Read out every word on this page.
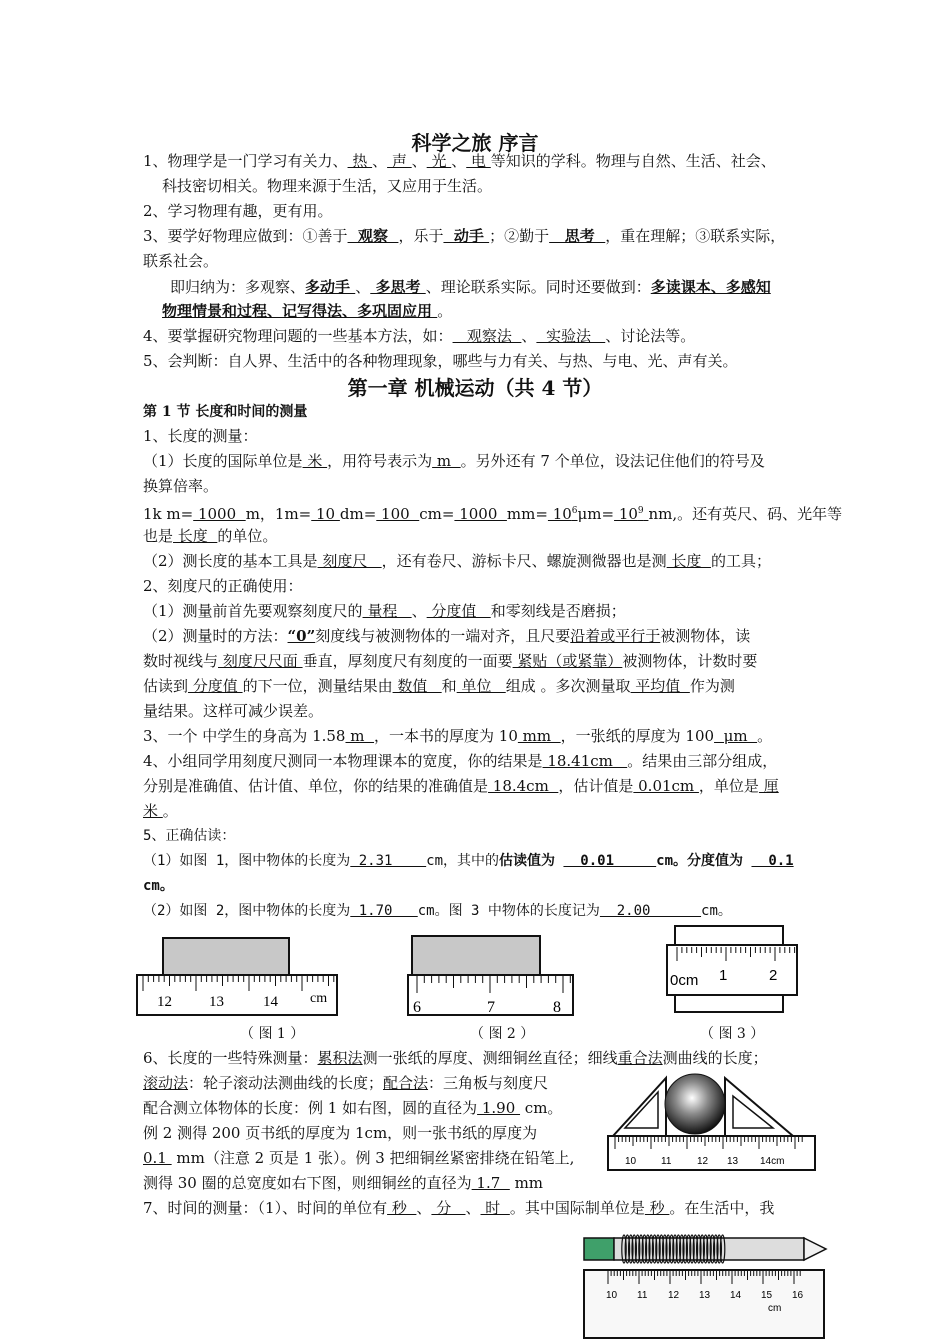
科学之旅 序言
1、物理学是一门学习有关力、 热 、 声 、 光 、 电 等知识的学科。物理与自然、生活、社会、
科技密切相关。物理来源于生活，又应用于生活。
2、学习物理有趣，更有用。
3、要学好物理应做到：①善于  观察  ，乐于  动手 ；②勤于   思考  ，重在理解；③联系实际，
联系社会。
即归纳为：多观察、多动手 、 多思考 、理论联系实际。同时还要做到：多读课本、多感知
物理情景和过程、记写得法、多巩固应用 。
4、要掌握研究物理问题的一些基本方法，如：   观察法  、  实验法   、讨论法等。
5、会判断：自人界、生活中的各种物理现象，哪些与力有关、与热、与电、光、声有关。
第一章 机械运动（共 4 节）
第 1 节 长度和时间的测量
1、长度的测量：
（1）长度的国际单位是 米 ，用符号表示为 m  。另外还有 7 个单位，设法记住他们的符号及
换算倍率。
1k m= 1000  m，1m= 10 dm= 100  cm= 1000  $mm= 10^6\mu m= 10^9$ nm,。还有英尺、码、光年等
也是 长度  的单位。
（2）测长度的基本工具是 刻度尺   ，还有卷尺、游标卡尺、螺旋测微器也是测 长度  的工具；
2、刻度尺的正确使用：
（1）测量前首先要观察刻度尺的 量程   、 分度值   和零刻线是否磨损；
（2）测量时的方法：“0”刻度线与被测物体的一端对齐，且尺要沿着或平行于被测物体，读
数时视线与 刻度尺尺面 垂直，厚刻度尺有刻度的一面要 紧贴（或紧靠）被测物体，计数时要
估读到 分度值 的下一位，测量结果由 数值   和 单位   组成 。多次测量取 平均值  作为测
量结果。这样可减少误差。
3、一个 中学生的身高为 1.58 m  ，一本书的厚度为 10 mm  ，一张纸的厚度为 100  μm  。
4、小组同学用刻度尺测同一本物理课本的宽度，你的结果是 18.41cm   。结果由三部分组成，
分别是准确值、估计值、单位，你的结果的准确值是 18.4cm  ，估计值是 0.01cm ，单位是 厘
米 。
5、正确估读：
（1）如图 1，图中物体的长度为 2.31    cm，其中的估读值为   0.01     cm。分度值为   0.1
cm。
（2）如图 2，图中物体的长度为 1.70   cm。图 3 中物体的长度记为  2.00      cm。
12 13	14 cm
（ 图 1 ）
6	7	8
（ 图 2 ）
0cm 1	2
（ 图 3 ）
6、长度的一些特殊测量：累积法测一张纸的厚度、测细铜丝直径；细线重合法测曲线的长度；
滚动法：轮子滚动法测曲线的长度；配合法：三角板与刻度尺
配合测立体物体的长度：例 1 如右图，圆的直径为 1.90  cm。
例 2 测得 200 页书纸的厚度为 1cm，则一张书纸的厚度为
0.1  mm（注意 2 页是 1 张）。例 3 把细铜丝紧密排绕在铅笔上,
测得 30 圈的总宽度如右下图，则细铜丝的直径为 1.7   mm
7、时间的测量：（1）、时间的单位有 秒  、 分   、 时  。其中国际制单位是 秒 。在生活中，我
10 11	12 13 14cm
10 11 12 13 14 15 16
cm
